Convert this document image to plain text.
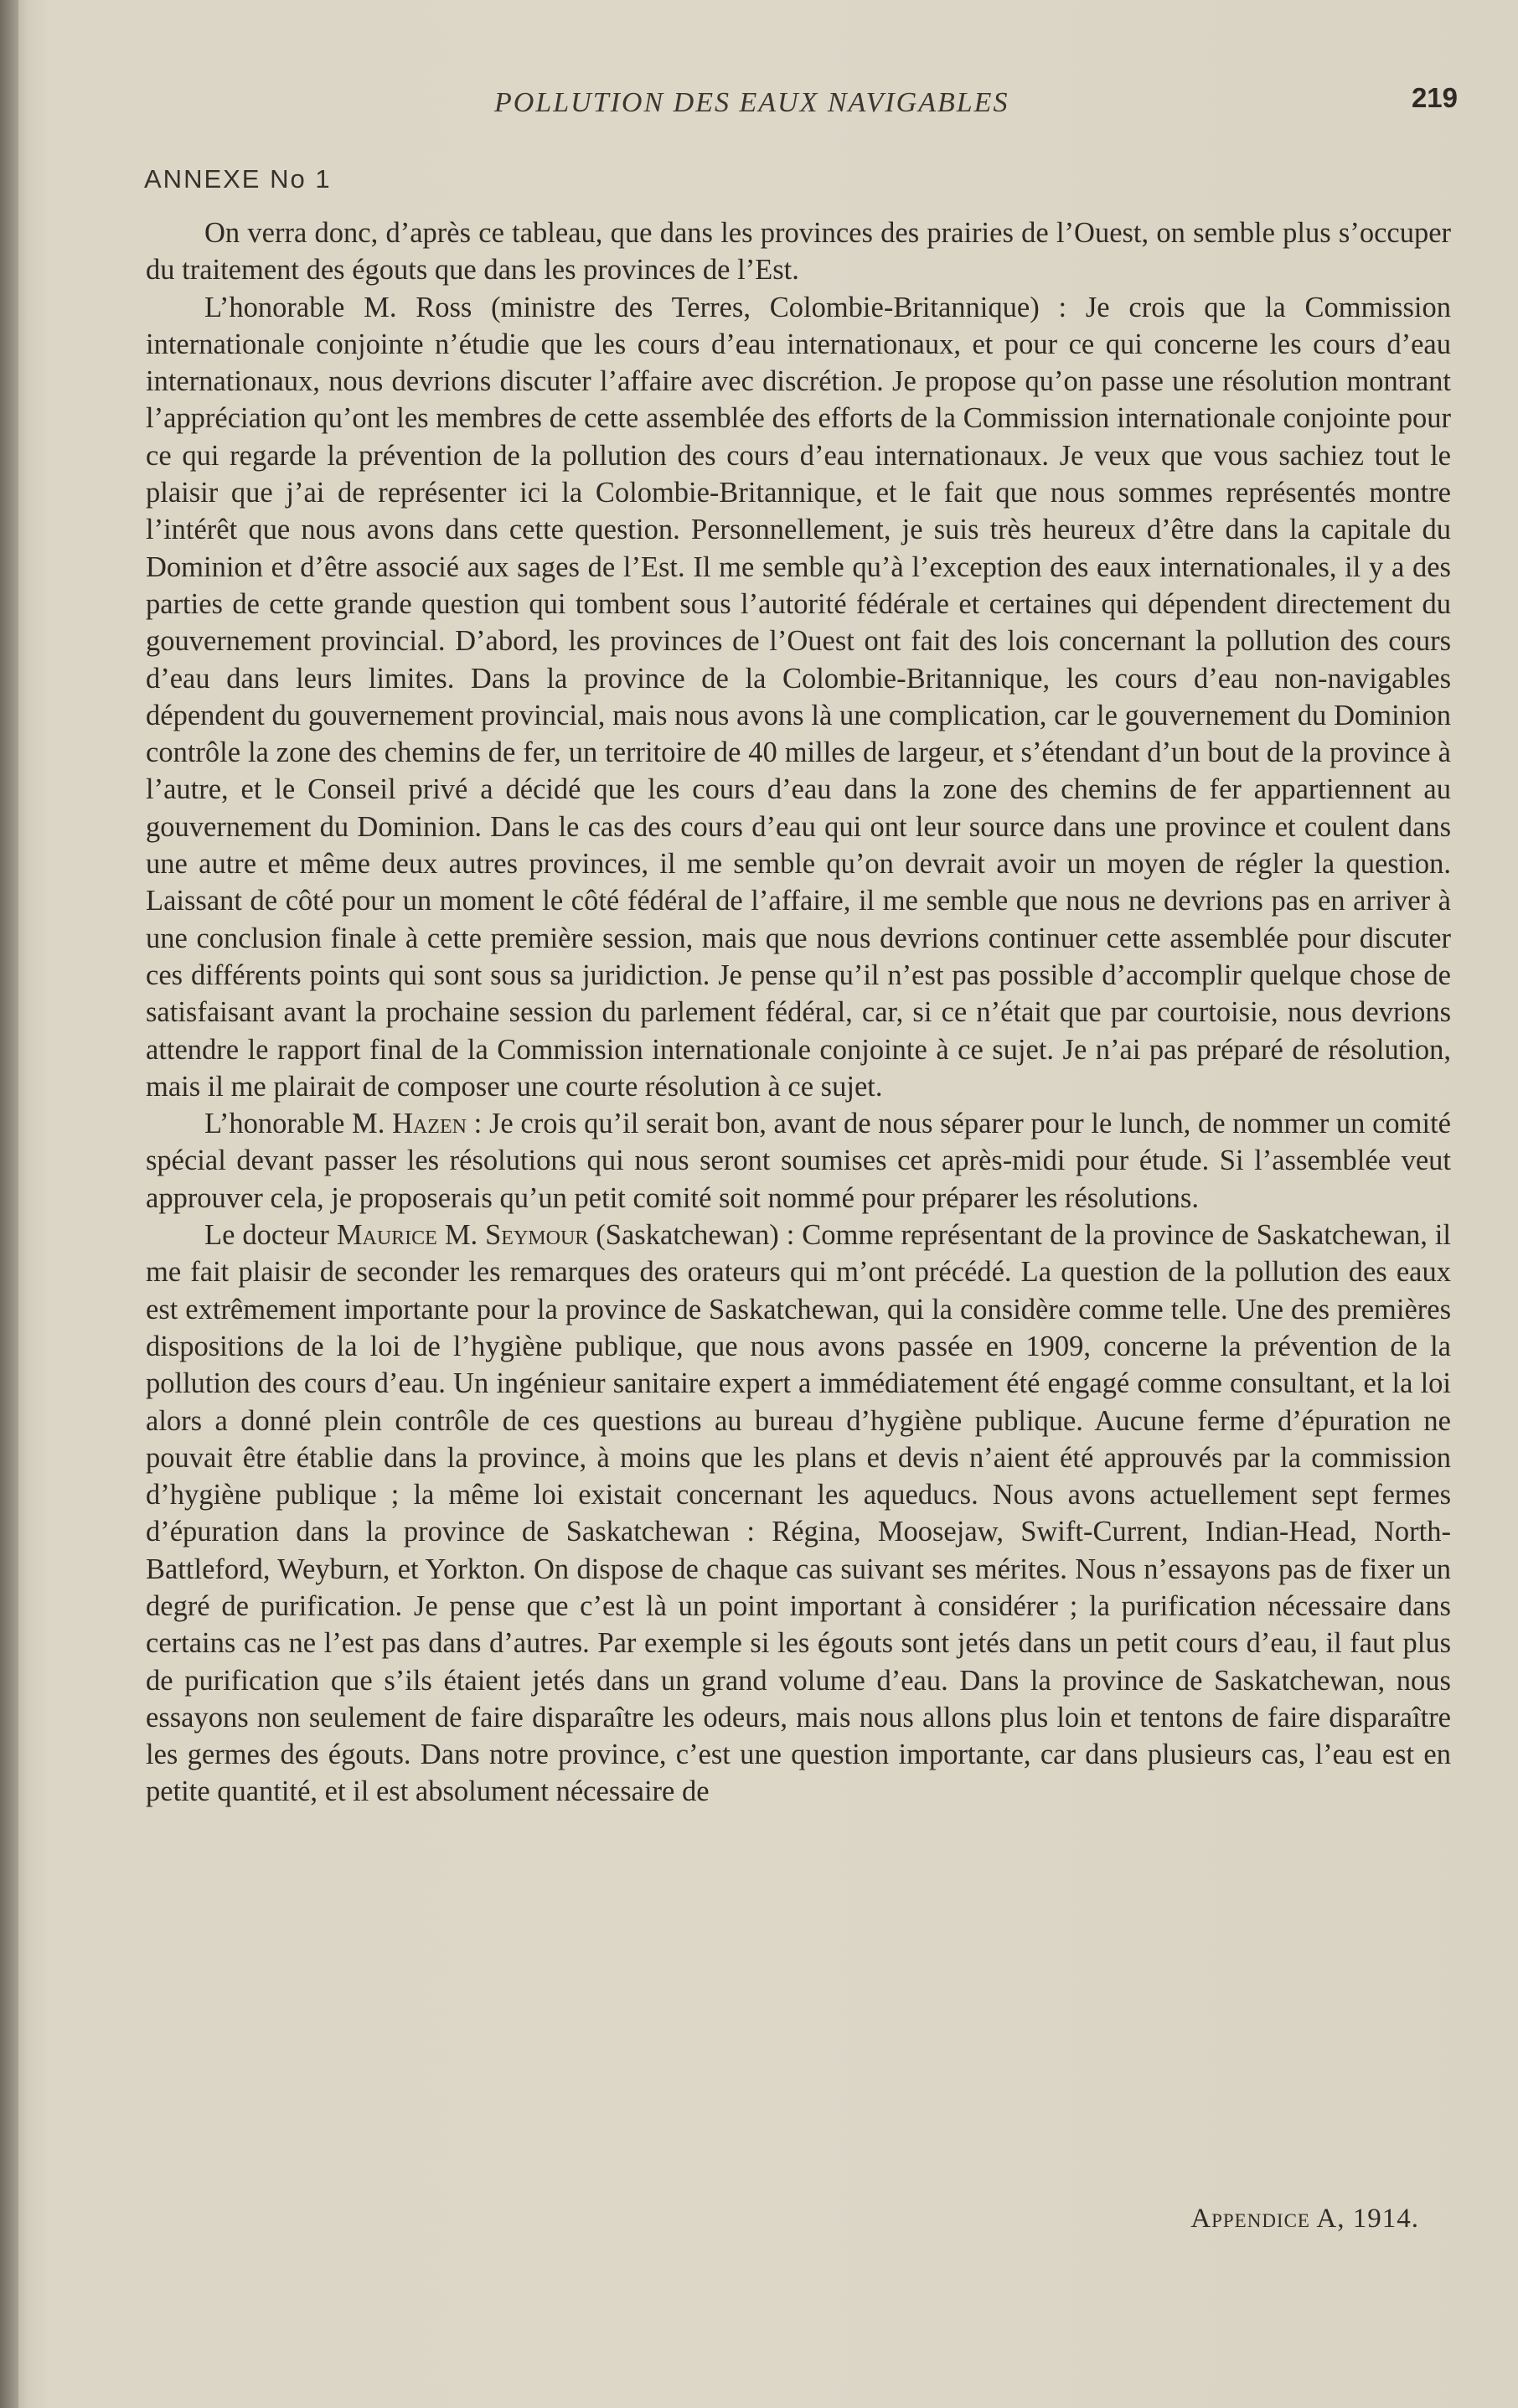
POLLUTION DES EAUX NAVIGABLES	219
ANNEXE No 1

On verra donc, d’après ce tableau, que dans les provinces des prairies de l’Ouest, on semble plus s’occuper du traitement des égouts que dans les provinces de l’Est.

L’honorable M. Ross (ministre des Terres, Colombie-Britannique) : Je crois que la Commission internationale conjointe n’étudie que les cours d’eau internationaux, et pour ce qui concerne les cours d’eau internationaux, nous devrions discuter l’affaire avec discrétion. Je propose qu’on passe une résolution montrant l’appréciation qu’ont les membres de cette assemblée des efforts de la Commission internationale conjointe pour ce qui regarde la prévention de la pollution des cours d’eau internationaux. Je veux que vous sachiez tout le plaisir que j’ai de représenter ici la Colombie-Britannique, et le fait que nous sommes représentés montre l’intérêt que nous avons dans cette question. Personnellement, je suis très heureux d’être dans la capitale du Dominion et d’être associé aux sages de l’Est. Il me semble qu’à l’exception des eaux internationales, il y a des parties de cette grande question qui tombent sous l’autorité fédérale et certaines qui dépendent directement du gouvernement provincial. D’abord, les provinces de l’Ouest ont fait des lois concernant la pollution des cours d’eau dans leurs limites. Dans la province de la Colombie-Britannique, les cours d’eau non-navigables dépendent du gouvernement provincial, mais nous avons là une complication, car le gouvernement du Dominion contrôle la zone des chemins de fer, un territoire de 40 milles de largeur, et s’étendant d’un bout de la province à l’autre, et le Conseil privé a décidé que les cours d’eau dans la zone des chemins de fer appartiennent au gouvernement du Dominion. Dans le cas des cours d’eau qui ont leur source dans une province et coulent dans une autre et même deux autres provinces, il me semble qu’on devrait avoir un moyen de régler la question. Laissant de côté pour un moment le côté fédéral de l’affaire, il me semble que nous ne devrions pas en arriver à une conclusion finale à cette première session, mais que nous devrions continuer cette assemblée pour discuter ces différents points qui sont sous sa juridiction. Je pense qu’il n’est pas possible d’accomplir quelque chose de satisfaisant avant la prochaine session du parlement fédéral, car, si ce n’était que par courtoisie, nous devrions attendre le rapport final de la Commission internationale conjointe à ce sujet. Je n’ai pas préparé de résolution, mais il me plairait de composer une courte résolution à ce sujet.

L’honorable M. Hazen : Je crois qu’il serait bon, avant de nous séparer pour le lunch, de nommer un comité spécial devant passer les résolutions qui nous seront soumises cet après-midi pour étude. Si l’assemblée veut approuver cela, je proposerais qu’un petit comité soit nommé pour préparer les résolutions.

Le docteur Maurice M. Seymour (Saskatchewan) : Comme représentant de la province de Saskatchewan, il me fait plaisir de seconder les remarques des orateurs qui m’ont précédé. La question de la pollution des eaux est extrêmement importante pour la province de Saskatchewan, qui la considère comme telle. Une des premières dispositions de la loi de l’hygiène publique, que nous avons passée en 1909, concerne la prévention de la pollution des cours d’eau. Un ingénieur sanitaire expert a immédiatement été engagé comme consultant, et la loi alors a donné plein contrôle de ces questions au bureau d’hygiène publique. Aucune ferme d’épuration ne pouvait être établie dans la province, à moins que les plans et devis n’aient été approuvés par la commission d’hygiène publique ; la même loi existait concernant les aqueducs. Nous avons actuellement sept fermes d’épuration dans la province de Saskatchewan : Régina, Moosejaw, Swift-Current, Indian-Head, North-Battleford, Weyburn, et Yorkton. On dispose de chaque cas suivant ses mérites. Nous n’essayons pas de fixer un degré de purification. Je pense que c’est là un point important à considérer ; la purification nécessaire dans certains cas ne l’est pas dans d’autres. Par exemple si les égouts sont jetés dans un petit cours d’eau, il faut plus de purification que s’ils étaient jetés dans un grand volume d’eau. Dans la province de Saskatchewan, nous essayons non seulement de faire disparaître les odeurs, mais nous allons plus loin et tentons de faire disparaître les germes des égouts. Dans notre province, c’est une question importante, car dans plusieurs cas, l’eau est en petite quantité, et il est absolument nécessaire de

Appendice A, 1914.
